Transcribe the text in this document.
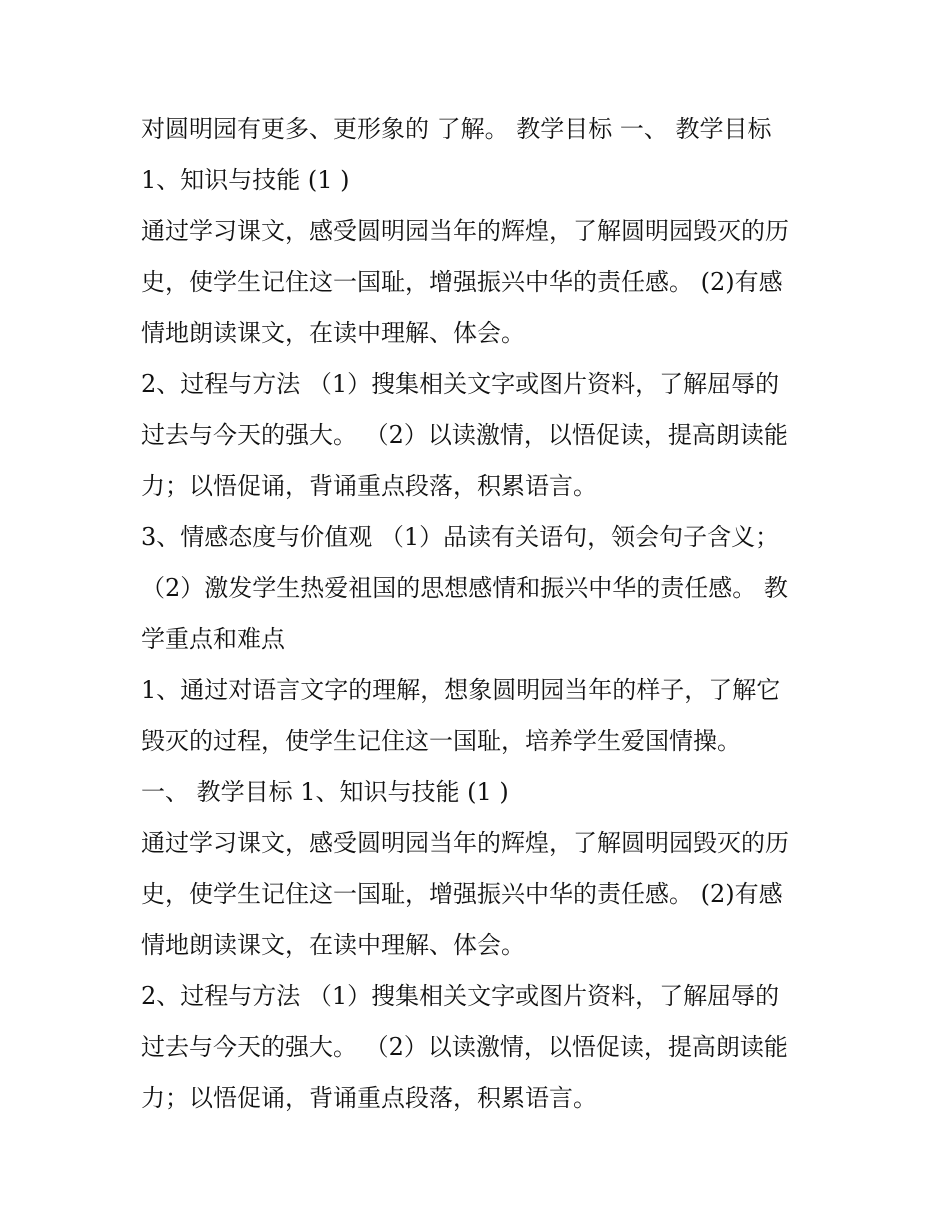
对圆明园有更多、更形象的 了解。 教学目标 一、 教学目标

1、知识与技能 (1 )

通过学习课文，感受圆明园当年的辉煌，了解圆明园毁灭的历

史，使学生记住这一国耻，增强振兴中华的责任感。 (2)有感

情地朗读课文，在读中理解、体会。

2、过程与方法 （1）搜集相关文字或图片资料，了解屈辱的

过去与今天的强大。 （2）以读激情，以悟促读，提高朗读能

力；以悟促诵，背诵重点段落，积累语言。

3、情感态度与价值观 （1）品读有关语句，领会句子含义；

（2）激发学生热爱祖国的思想感情和振兴中华的责任感。 教

学重点和难点

1、通过对语言文字的理解，想象圆明园当年的样子，了解它

毁灭的过程，使学生记住这一国耻，培养学生爱国情操。

一、 教学目标 1、知识与技能 (1 )

通过学习课文，感受圆明园当年的辉煌，了解圆明园毁灭的历

史，使学生记住这一国耻，增强振兴中华的责任感。 (2)有感

情地朗读课文，在读中理解、体会。

2、过程与方法 （1）搜集相关文字或图片资料，了解屈辱的

过去与今天的强大。 （2）以读激情，以悟促读，提高朗读能

力；以悟促诵，背诵重点段落，积累语言。
